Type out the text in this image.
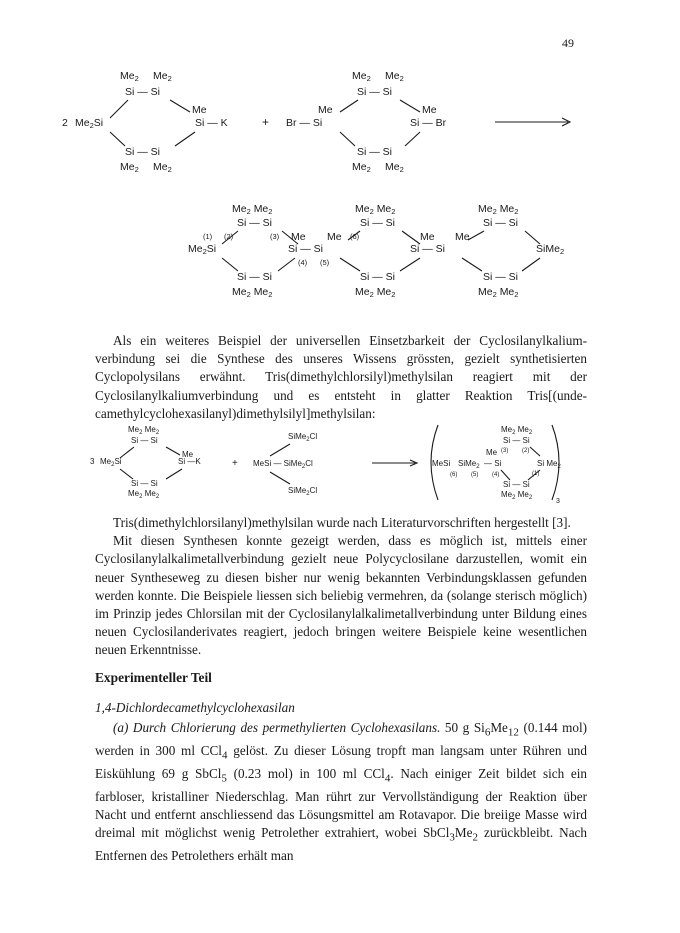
49
Me2 Me2
Si — Si
Me
2 Me2Si	Si — K
Si — Si
Me2 Me2
+
Me2 Me2
Si — Si
Me	Me
Br — Si	Si — Br
Si — Si
Me2 Me2
Me2 Me2
Si — Si
(1) (2)	(3) Me
Me2Si	Si — Si
(4) (5)
Si — Si
Me2 Me2
Me2 Me2
Si — Si
Me (6)	Me Me
Si — Si
Si — Si
Me2 Me2
Me2 Me2
Si — Si
SiMe2
Si — Si
Me2 Me2
$Me_2$ $Me_2$
Si — Si
Me
3 $Me_2Si$	Si —K
Si — Si
$Me_2$ $Me_2$
+
SiMe$_2$Cl
MeSi — SiMe$_2$Cl
SiMe$_2$Cl
$Me_2$ $Me_2$
Si — Si
Me (3) (2)
MeSi SiMe$_2$ — Si	Si $Me_2$
(1)
(6) (5) (4)
Si — Si
$Me_2$ $Me_2$	3

Als ein weiteres Beispiel der universellen Einsetzbarkeit der Cyclosilanylkaliumverbindung sei die Synthese des unseres Wissens grössten, gezielt synthetisierten Cyclopolysilans erwähnt. Tris(dimethylchlorsilyl)methylsilan reagiert mit der Cyclosilanylkaliumverbindung und es entsteht in glatter Reaktion Tris[(undecamethylcyclohexasilanyl)dimethylsilyl]methylsilan:

Tris(dimethylchlorsilanyl)methylsilan wurde nach Literaturvorschriften hergestellt [3].

Mit diesen Synthesen konnte gezeigt werden, dass es möglich ist, mittels einer Cyclosilanylalkalimetallverbindung gezielt neue Polycyclosilane darzustellen, womit ein neuer Syntheseweg zu diesen bisher nur wenig bekannten Verbindungsklassen gefunden werden konnte. Die Beispiele liessen sich beliebig vermehren, da (solange sterisch möglich) im Prinzip jedes Chlorsilan mit der Cyclosilanylalkalimetallverbindung unter Bildung eines neuen Cyclosilanderivates reagiert, jedoch bringen weitere Beispiele keine wesentlichen neuen Erkenntnisse.

Experimenteller Teil
1,4-Dichlordecamethylcyclohexasilan

(a) Durch Chlorierung des permethylierten Cyclohexasilans. 50 g $Si_6Me_{12}$ (0.144 mol) werden in 300 ml CCl$_4$ gelöst. Zu dieser Lösung tropft man langsam unter Rühren und Eiskühlung 69 g SbCl$_5$ (0.23 mol) in 100 ml CCl$_4$. Nach einiger Zeit bildet sich ein farbloser, kristalliner Niederschlag. Man rührt zur Vervollständigung der Reaktion über Nacht und entfernt anschliessend das Lösungsmittel am Rotavapor. Die breiige Masse wird dreimal mit möglichst wenig Petrolether extrahiert, wobei $SbCl_3Me_2$ zurückbleibt. Nach Entfernen des Petrolethers erhält man
